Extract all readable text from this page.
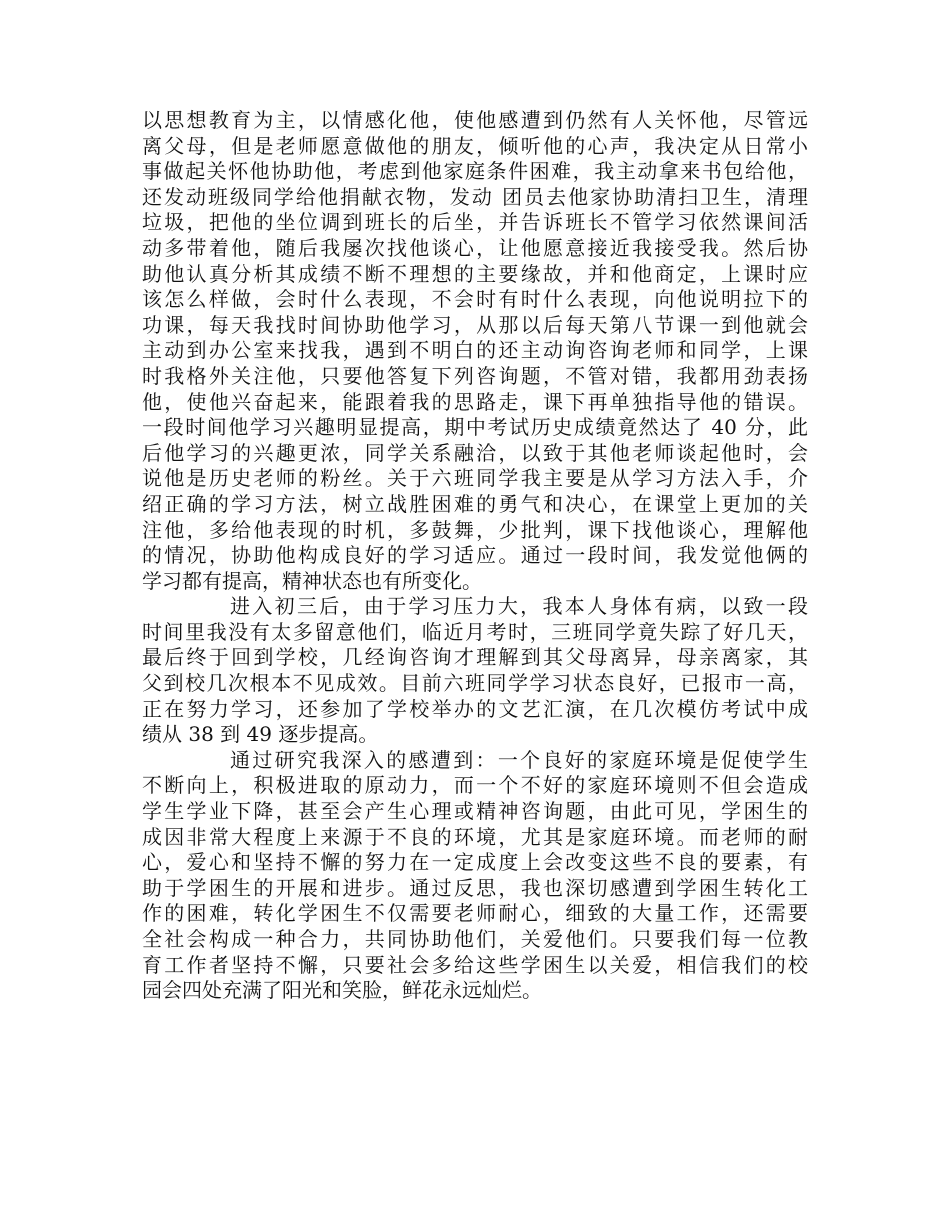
以思想教育为主，以情感化他，使他感遭到仍然有人关怀他，尽管远
离父母，但是老师愿意做他的朋友，倾听他的心声，我决定从日常小
事做起关怀他协助他，考虑到他家庭条件困难，我主动拿来书包给他，
还发动班级同学给他捐献衣物，发动 团员去他家协助清扫卫生，清理
垃圾，把他的坐位调到班长的后坐，并告诉班长不管学习依然课间活
动多带着他，随后我屡次找他谈心，让他愿意接近我接受我。然后协
助他认真分析其成绩不断不理想的主要缘故，并和他商定，上课时应
该怎么样做，会时什么表现，不会时有时什么表现，向他说明拉下的
功课，每天我找时间协助他学习，从那以后每天第八节课一到他就会
主动到办公室来找我，遇到不明白的还主动询咨询老师和同学，上课
时我格外关注他，只要他答复下列咨询题，不管对错，我都用劲表扬
他，使他兴奋起来，能跟着我的思路走，课下再单独指导他的错误。
一段时间他学习兴趣明显提高，期中考试历史成绩竟然达了 40 分，此
后他学习的兴趣更浓，同学关系融洽，以致于其他老师谈起他时，会
说他是历史老师的粉丝。关于六班同学我主要是从学习方法入手，介
绍正确的学习方法，树立战胜困难的勇气和决心，在课堂上更加的关
注他，多给他表现的时机，多鼓舞，少批判，课下找他谈心，理解他
的情况，协助他构成良好的学习适应。通过一段时间，我发觉他俩的
学习都有提高，精神状态也有所变化。
进入初三后，由于学习压力大，我本人身体有病，以致一段
时间里我没有太多留意他们，临近月考时，三班同学竟失踪了好几天，
最后终于回到学校，几经询咨询才理解到其父母离异，母亲离家，其
父到校几次根本不见成效。目前六班同学学习状态良好，已报市一高，
正在努力学习，还参加了学校举办的文艺汇演，在几次模仿考试中成
绩从 38 到 49 逐步提高。
通过研究我深入的感遭到：一个良好的家庭环境是促使学生
不断向上，积极进取的原动力，而一个不好的家庭环境则不但会造成
学生学业下降，甚至会产生心理或精神咨询题，由此可见，学困生的
成因非常大程度上来源于不良的环境，尤其是家庭环境。而老师的耐
心，爱心和坚持不懈的努力在一定成度上会改变这些不良的要素，有
助于学困生的开展和进步。通过反思，我也深切感遭到学困生转化工
作的困难，转化学困生不仅需要老师耐心，细致的大量工作，还需要
全社会构成一种合力，共同协助他们，关爱他们。只要我们每一位教
育工作者坚持不懈，只要社会多给这些学困生以关爱，相信我们的校
园会四处充满了阳光和笑脸，鲜花永远灿烂。
